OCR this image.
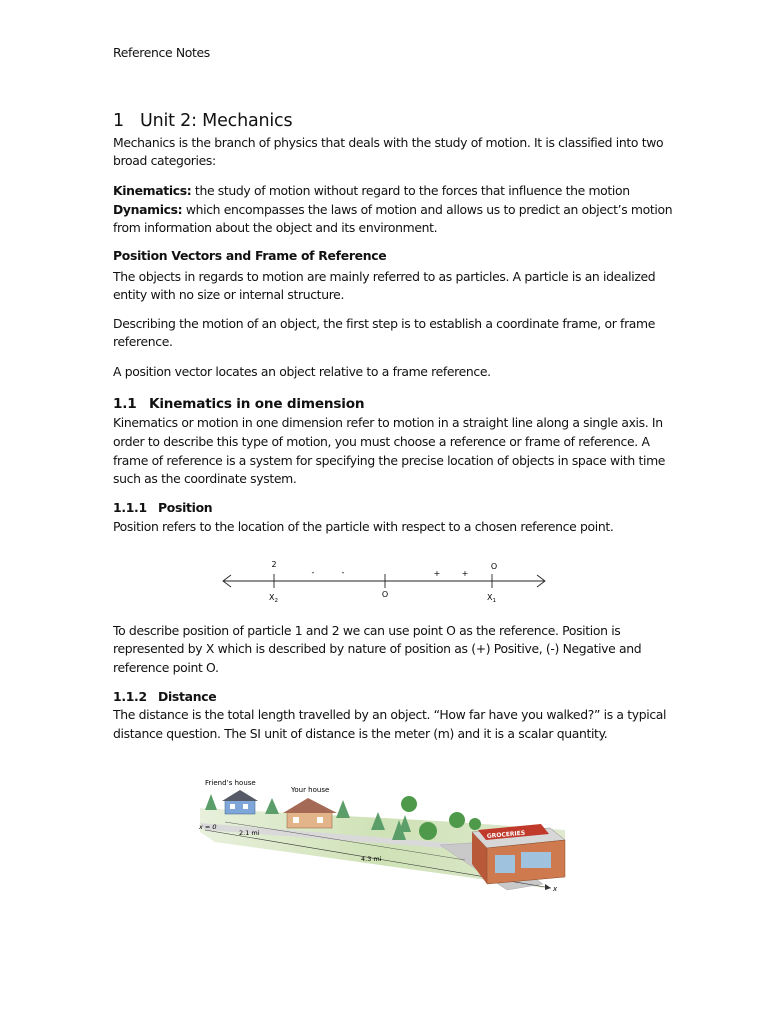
Reference Notes
1 Unit 2: Mechanics
Mechanics is the branch of physics that deals with the study of motion. It is classified into two
broad categories:
Kinematics: the study of motion without regard to the forces that influence the motion
Dynamics: which encompasses the laws of motion and allows us to predict an object’s motion
from information about the object and its environment.
Position Vectors and Frame of Reference
The objects in regards to motion are mainly referred to as particles. A particle is an idealized
entity with no size or internal structure.
Describing the motion of an object, the first step is to establish a coordinate frame, or frame
reference.
A position vector locates an object relative to a frame reference.
1.1 Kinematics in one dimension
Kinematics or motion in one dimension refer to motion in a straight line along a single axis. In
order to describe this type of motion, you must choose a reference or frame of reference. A
frame of reference is a system for specifying the precise location of objects in space with time
such as the coordinate system.
1.1.1 Position
Position refers to the location of the particle with respect to a chosen reference point.
To describe position of particle 1 and 2 we can use point O as the reference. Position is
represented by X which is described by nature of position as (+) Positive, (-) Negative and
reference point O.
1.1.2 Distance
The distance is the total length travelled by an object. “How far have you walked?” is a typical
distance question. The SI unit of distance is the meter (m) and it is a scalar quantity.
2	O
-	-	+	+
$X_2$
O	$X_1$
x
Friend’s house
Your house
GROCERIES
x = 0
2.1 mi
4.3 mi
